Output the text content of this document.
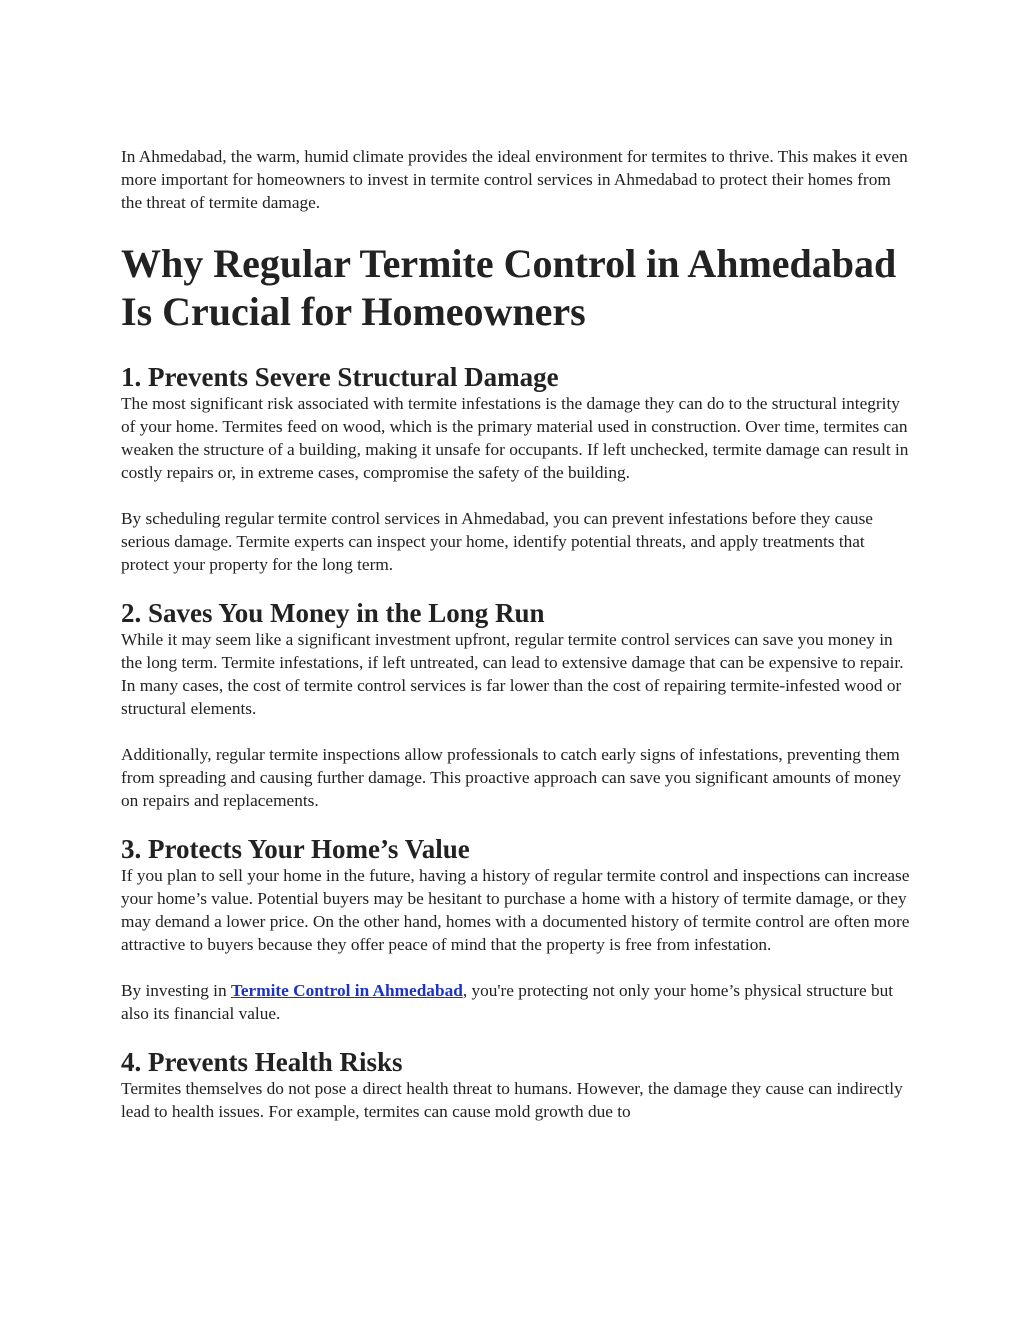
In Ahmedabad, the warm, humid climate provides the ideal environment for termites to thrive. This makes it even more important for homeowners to invest in termite control services in Ahmedabad to protect their homes from the threat of termite damage.

Why Regular Termite Control in Ahmedabad Is Crucial for Homeowners
1. Prevents Severe Structural Damage

The most significant risk associated with termite infestations is the damage they can do to the structural integrity of your home. Termites feed on wood, which is the primary material used in construction. Over time, termites can weaken the structure of a building, making it unsafe for occupants. If left unchecked, termite damage can result in costly repairs or, in extreme cases, compromise the safety of the building.

By scheduling regular termite control services in Ahmedabad, you can prevent infestations before they cause serious damage. Termite experts can inspect your home, identify potential threats, and apply treatments that protect your property for the long term.

2. Saves You Money in the Long Run

While it may seem like a significant investment upfront, regular termite control services can save you money in the long term. Termite infestations, if left untreated, can lead to extensive damage that can be expensive to repair. In many cases, the cost of termite control services is far lower than the cost of repairing termite-infested wood or structural elements.

Additionally, regular termite inspections allow professionals to catch early signs of infestations, preventing them from spreading and causing further damage. This proactive approach can save you significant amounts of money on repairs and replacements.

3. Protects Your Home’s Value

If you plan to sell your home in the future, having a history of regular termite control and inspections can increase your home’s value. Potential buyers may be hesitant to purchase a home with a history of termite damage, or they may demand a lower price. On the other hand, homes with a documented history of termite control are often more attractive to buyers because they offer peace of mind that the property is free from infestation.

By investing in Termite Control in Ahmedabad, you're protecting not only your home’s physical structure but also its financial value.

4. Prevents Health Risks

Termites themselves do not pose a direct health threat to humans. However, the damage they cause can indirectly lead to health issues. For example, termites can cause mold growth due to
